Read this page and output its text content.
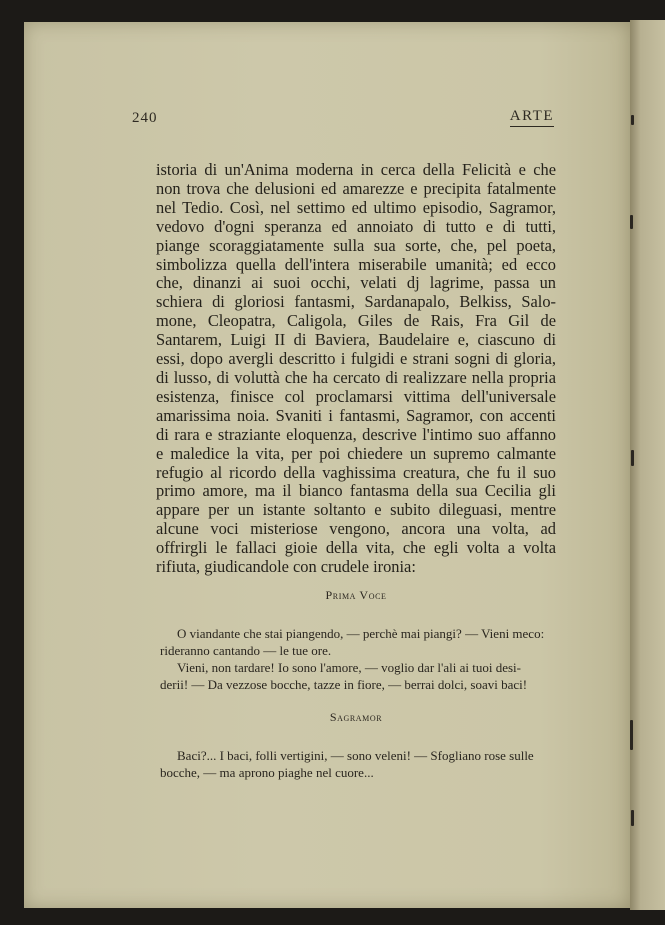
240	ARTE
istoria di un'Anima moderna in cerca della Felicità e che
non trova che delusioni ed amarezze e precipita fatalmente
nel Tedio. Così, nel settimo ed ultimo episodio, Sagramor,
vedovo d'ogni speranza ed annoiato di tutto e di tutti,
piange scoraggiatamente sulla sua sorte, che, pel poeta,
simbolizza quella dell'intera miserabile umanità; ed ecco
che, dinanzi ai suoi occhi, velati dj lagrime, passa un
schiera di gloriosi fantasmi, Sardanapalo, Belkiss, Salo-
mone, Cleopatra, Caligola, Giles de Rais, Fra Gil de
Santarem, Luigi II di Baviera, Baudelaire e, ciascuno di
essi, dopo avergli descritto i fulgidi e strani sogni di gloria,
di lusso, di voluttà che ha cercato di realizzare nella propria
esistenza, finisce col proclamarsi vittima dell'universale
amarissima noia. Svaniti i fantasmi, Sagramor, con accenti
di rara e straziante eloquenza, descrive l'intimo suo affanno
e maledice la vita, per poi chiedere un supremo calmante
refugio al ricordo della vaghissima creatura, che fu il suo
primo amore, ma il bianco fantasma della sua Cecilia gli
appare per un istante soltanto e subito dileguasi, mentre
alcune voci misteriose vengono, ancora una volta, ad
offrirgli le fallaci gioie della vita, che egli volta a volta
rifiuta, giudicandole con crudele ironia:
Prima Voce
O viandante che stai piangendo, — perchè mai piangi? — Vieni meco:
rideranno cantando — le tue ore.
Vieni, non tardare! Io sono l'amore, — voglio dar l'ali ai tuoi desi-
derii! — Da vezzose bocche, tazze in fiore, — berrai dolci, soavi baci!
Sagramor
Baci?... I baci, folli vertigini, — sono veleni! — Sfogliano rose sulle
bocche, — ma aprono piaghe nel cuore...
